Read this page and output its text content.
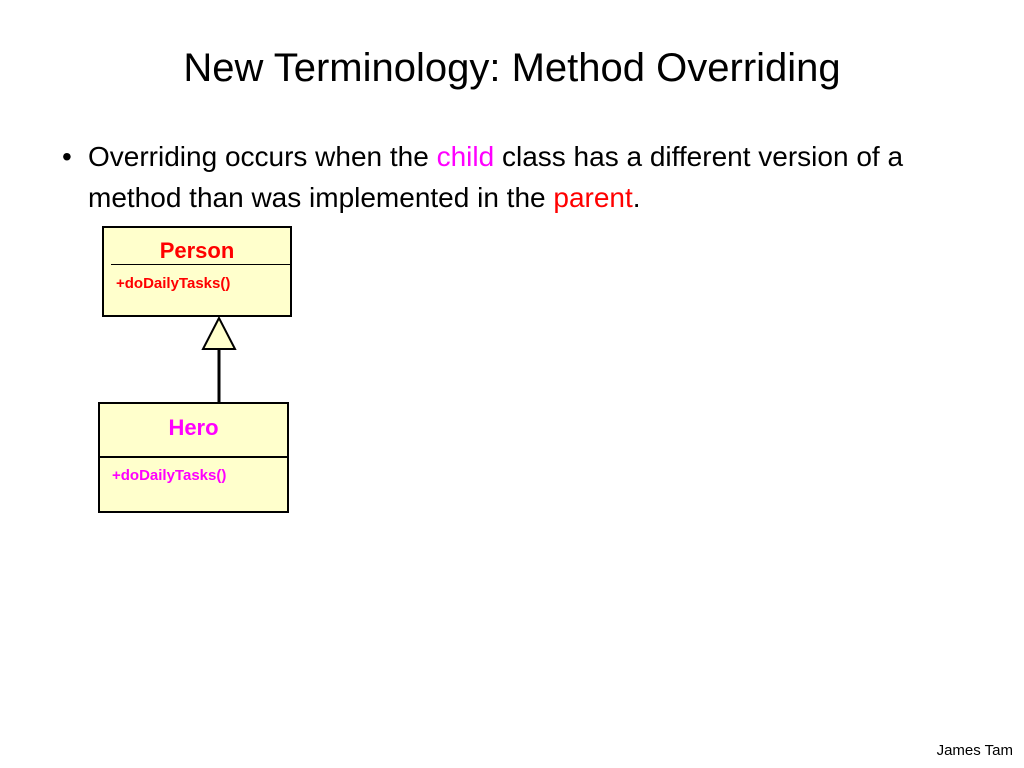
New Terminology: Method Overriding
• Overriding occurs when the child class has a different version of a method than was implemented in the parent.
Person
+doDailyTasks()
Hero
+doDailyTasks()
James Tam
